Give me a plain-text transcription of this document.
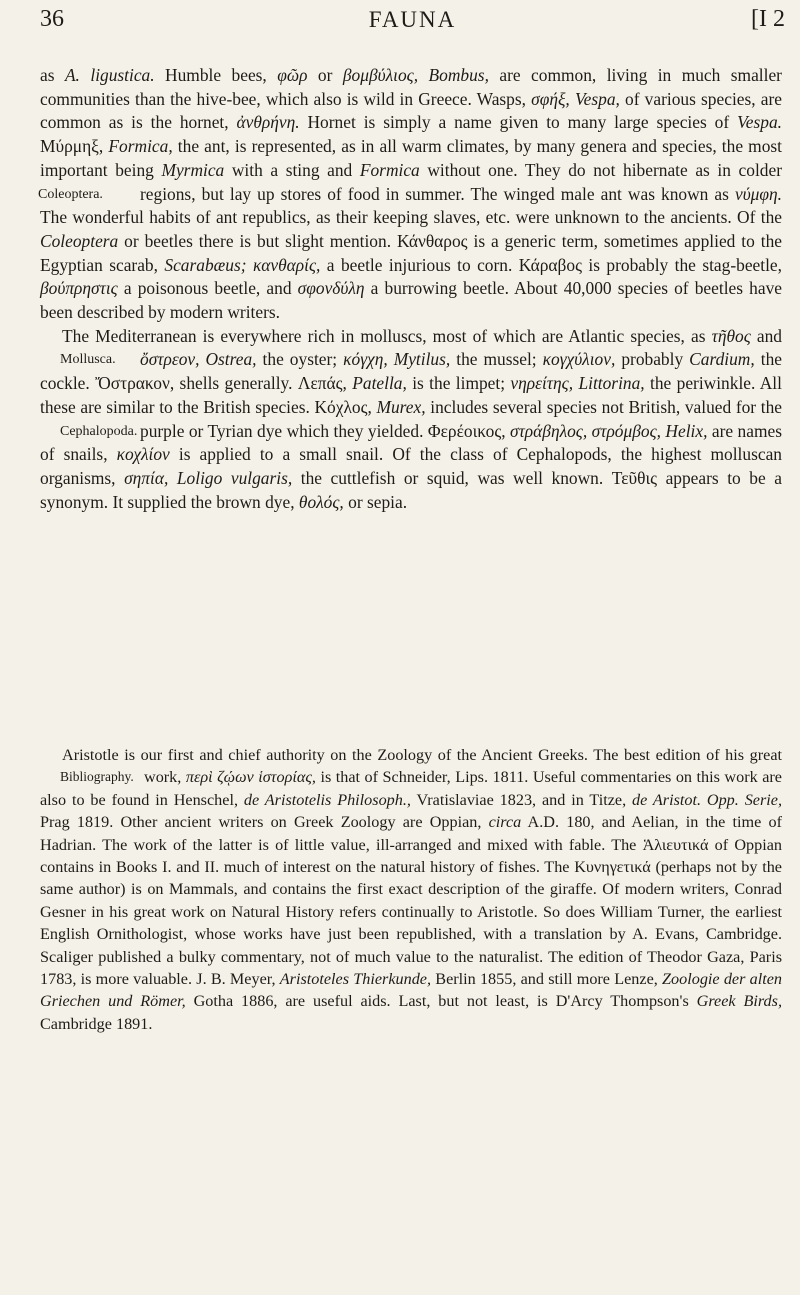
36	FAUNA	[I 2

as A. ligustica. Humble bees, φῶρ or βομβύλιος, Bombus, are common, living in much smaller communities than the hive-bee, which also is wild in Greece. Wasps, σφήξ, Vespa, of various species, are common as is the hornet, ἀνθρήνη. Hornet is simply a name given to many large species of Vespa. Μύρμηξ, Formica, the ant, is represented, as in all warm climates, by many genera and species, the most important being Myrmica with a sting and Formica without one. They do not hibernate as in colder regions, but lay up stores of food in summer. The winged male ant was known as νύμφη.
Coleoptera.
The wonderful habits of ant republics, as their keeping slaves, etc. were unknown to the ancients. Of the Coleoptera or beetles there is but slight mention. Κάνθαρος is a generic term, sometimes applied to the Egyptian scarab, Scarabæus; κανθαρίς, a beetle injurious to corn. Κάραβος is probably the stag-beetle, βούπρηστις a poisonous beetle, and σφονδύλη a burrowing beetle. About 40,000 species of beetles have been described by modern writers.

The Mediterranean is everywhere rich in molluscs, most of which are Atlantic species, as
Mollusca.
τῆθος and ὄστρεον, Ostrea, the oyster; κόγχη, Mytilus, the mussel; κογχύλιον, probably Cardium, the cockle. Ὄστρακον, shells generally. Λεπάς, Patella, is the limpet; νηρείτης, Littorina, the periwinkle. All these are similar to the British species. Κόχλος, Murex, includes several species not British, valued for the purple or Tyrian dye which they yielded. Φερέοικος, στράβηλος, στρόμβος,
Cephalopoda.	Helix, are names of snails, κοχλίον is applied to a small snail. Of the class of Cephalopods, the highest molluscan organisms, σηπία, Loligo vulgaris, the cuttlefish or squid, was well known. Τεῦθις appears to be a synonym. It supplied the brown dye, θολός, or sepia.

Aristotle is our first and chief authority on the Zoology of the Ancient Greeks. The best edition of his great work,
Bibliography.	περὶ ζῴων ἱστορίας, is that of Schneider, Lips. 1811. Useful commentaries on this work are also to be found in Henschel, de Aristotelis Philosoph., Vratislaviae 1823, and in Titze, de Aristot. Opp. Serie, Prag 1819. Other ancient writers on Greek Zoology are Oppian, circa A.D. 180, and Aelian, in the time of Hadrian. The work of the latter is of little value, ill-arranged and mixed with fable. The Ἁλιευτικά of Oppian contains in Books I. and II. much of interest on the natural history of fishes. The Κυνηγετικά (perhaps not by the same author) is on Mammals, and contains the first exact description of the giraffe. Of modern writers, Conrad Gesner in his great work on Natural History refers continually to Aristotle. So does William Turner, the earliest English Ornithologist, whose works have just been republished, with a translation by A. Evans, Cambridge. Scaliger published a bulky commentary, not of much value to the naturalist. The edition of Theodor Gaza, Paris 1783, is more valuable. J. B. Meyer, Aristoteles Thierkunde, Berlin 1855, and still more Lenze, Zoologie der alten Griechen und Römer, Gotha 1886, are useful aids. Last, but not least, is D'Arcy Thompson's Greek Birds, Cambridge 1891.
